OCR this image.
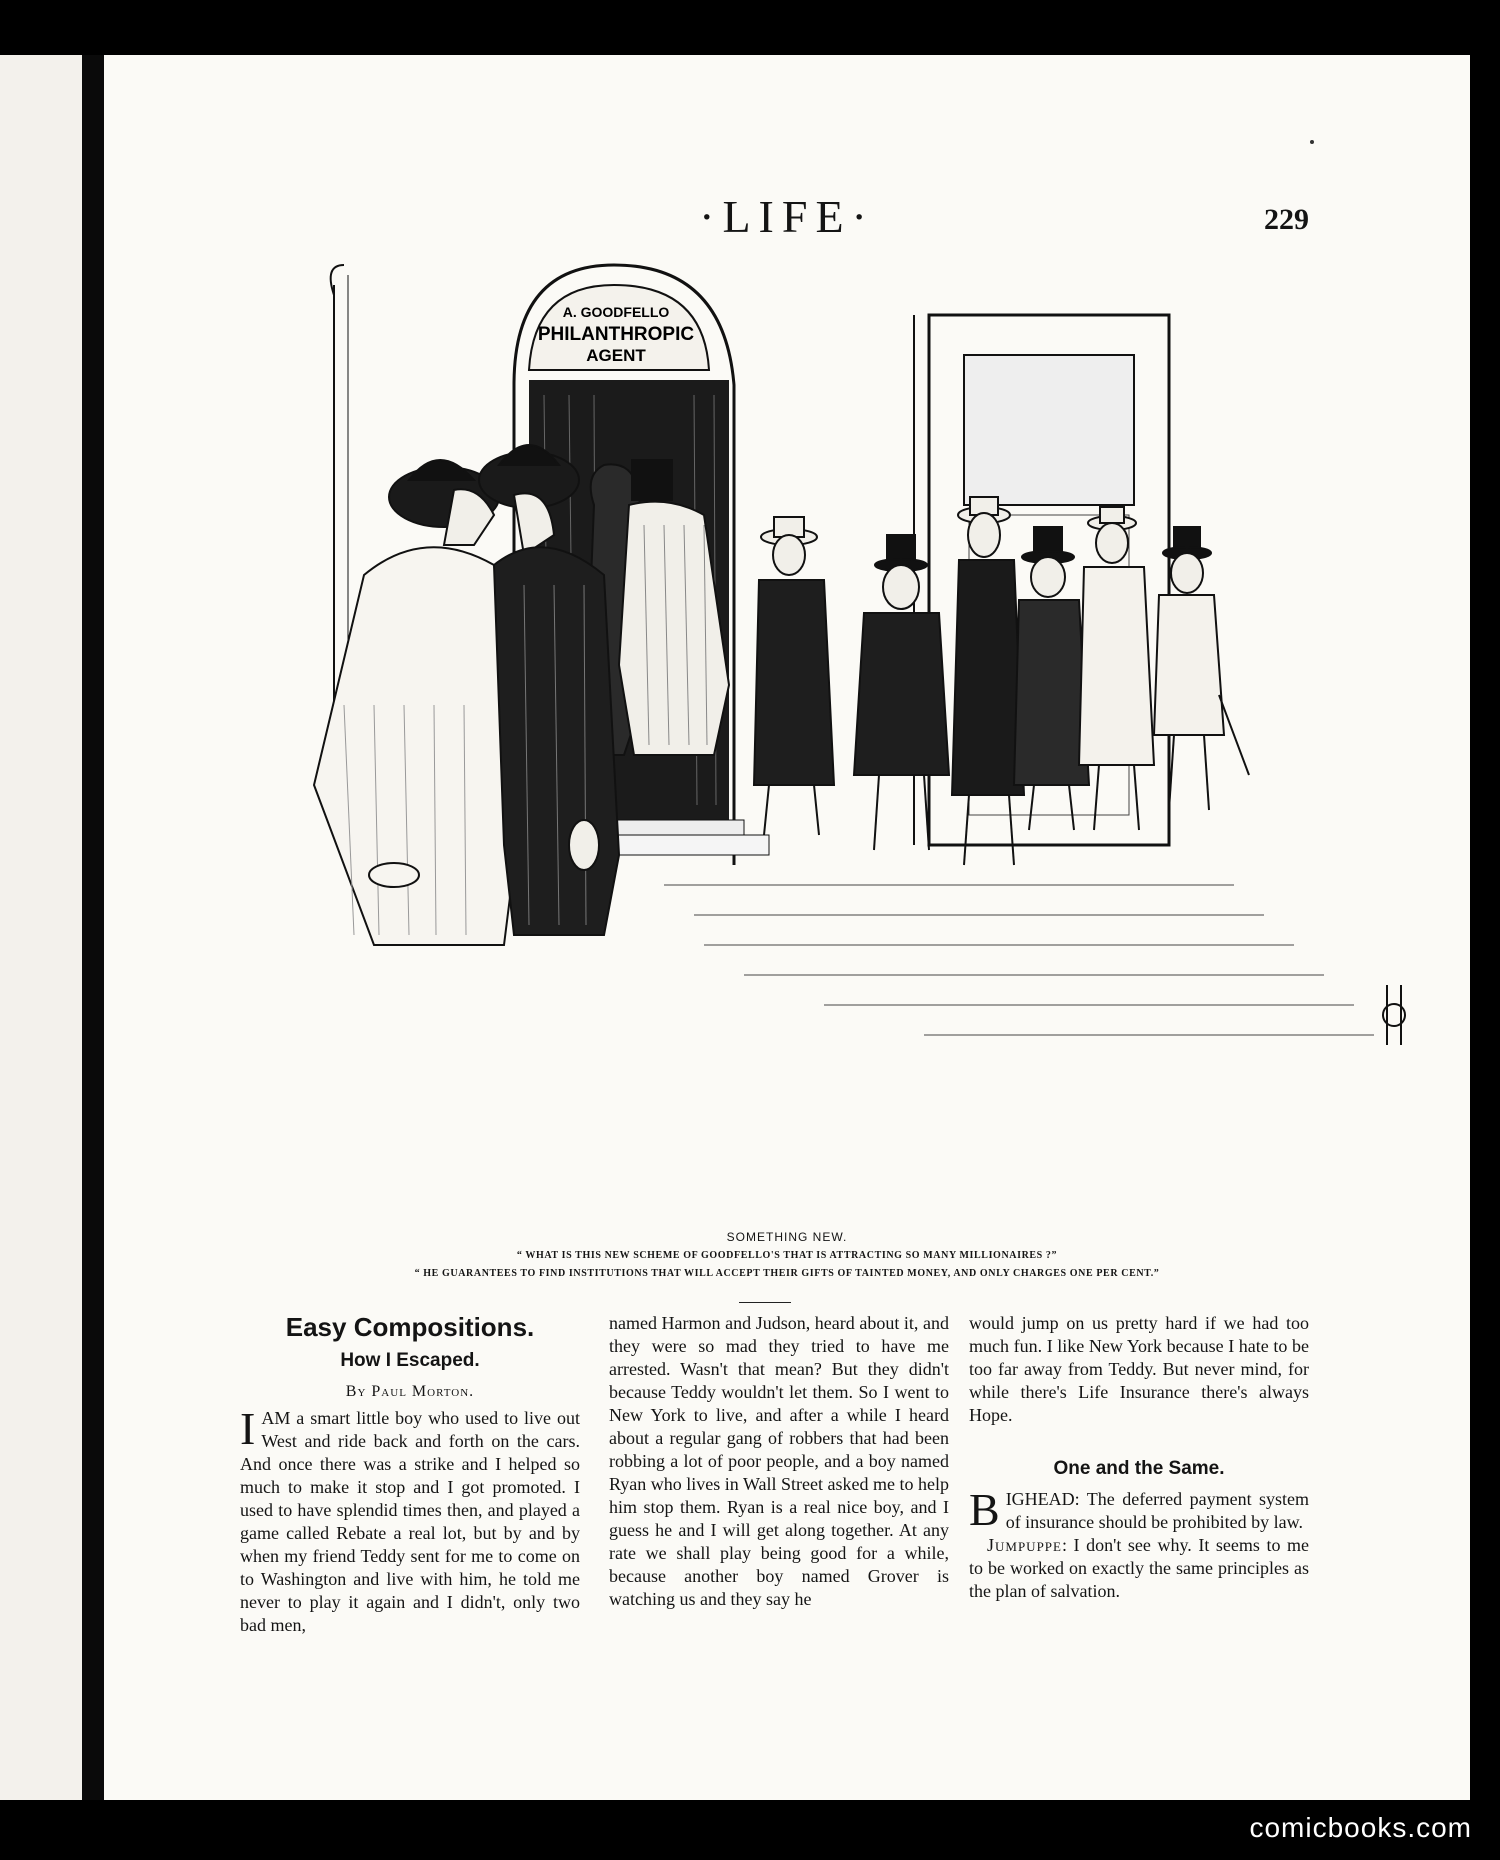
·LIFE·	229
A. GOODFELLO
PHILANTHROPIC
AGENT
SOMETHING NEW.
“ WHAT IS THIS NEW SCHEME OF GOODFELLO'S THAT IS ATTRACTING SO MANY MILLIONAIRES ?”
“ HE GUARANTEES TO FIND INSTITUTIONS THAT WILL ACCEPT THEIR GIFTS OF TAINTED MONEY, AND ONLY CHARGES ONE PER CENT.”
Easy Compositions.
How I Escaped.
By Paul Morton.

IAM a smart little boy who used to live out West and ride back and forth on the cars. And once there was a strike and I helped so much to make it stop and I got promoted. I used to have splendid times then, and played a game called Rebate a real lot, but by and by when my friend Teddy sent for me to come on to Washington and live with him, he told me never to play it again and I didn't, only two bad men,

named Harmon and Judson, heard about it, and they were so mad they tried to have me arrested. Wasn't that mean? But they didn't because Teddy wouldn't let them. So I went to New York to live, and after a while I heard about a regular gang of robbers that had been robbing a lot of poor people, and a boy named Ryan who lives in Wall Street asked me to help him stop them. Ryan is a real nice boy, and I guess he and I will get along together. At any rate we shall play being good for a while, because another boy named Grover is watching us and they say he

would jump on us pretty hard if we had too much fun. I like New York because I hate to be too far away from Teddy. But never mind, for while there's Life Insurance there's always Hope.

One and the Same.

BIGHEAD: The deferred payment system of insurance should be prohibited by law.

Jumpuppe: I don't see why. It seems to me to be worked on exactly the same principles as the plan of salvation.

comicbooks.com
